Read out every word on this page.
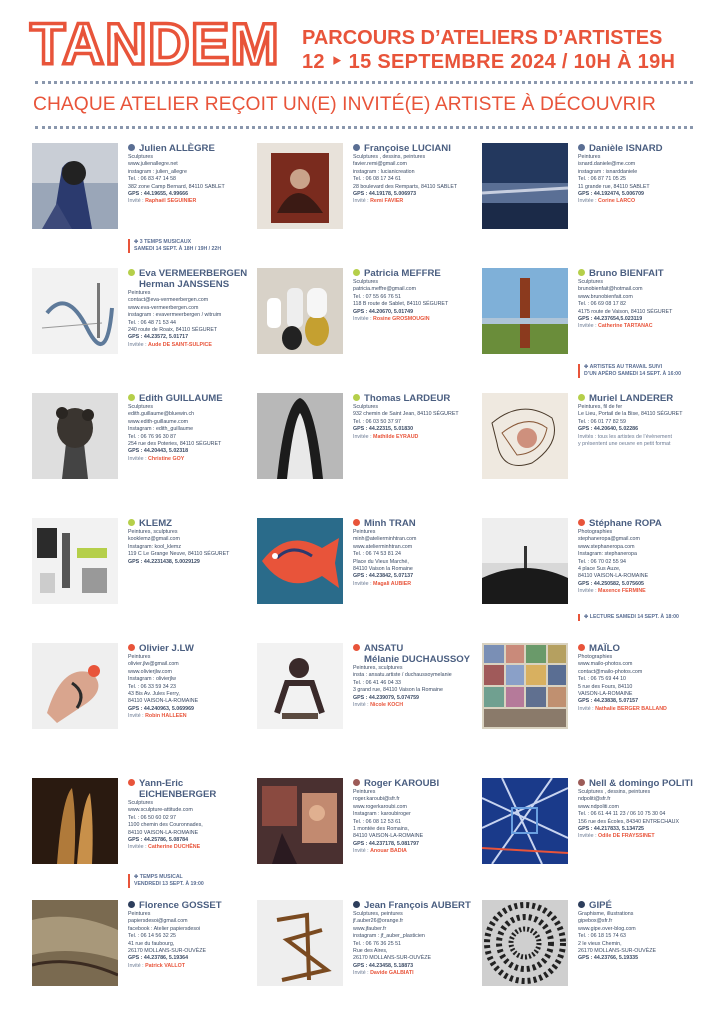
TANDEM PARCOURS D’ATELIERS D’ARTISTES
12 ‣ 15 SEPTEMBRE 2024 / 10H À 19H
CHAQUE ATELIER REÇOIT UN(E) INVITÉ(E) ARTISTE À DÉCOUVRIR
Julien ALLÈGRE
Sculptures
www.julienallegre.net
instagram : julien_allegre
Tel. : 06 83 47 14 58
382 zone Camp Bernard, 84110 SABLET
GPS : 44.19655, 4.99666
Invité : Raphaël SEGUINIER
✤ 3 TEMPS MUSICAUX
SAMEDI 14 SEPT. À 18H / 19H / 22H
Françoise LUCIANI
Sculptures , dessins, peintures
favier.remi@gmail.com
instagram : lucianicreation
Tel. : 06 08 17 34 61
28 boulevard des Remparts, 84110 SABLET
GPS : 44.19178, 5.006973
Invité : Remi FAVIER
Danièle ISNARD
Peintures
isnard.daniele@me.com
instagram : isnarddaniele
Tel. : 06 87 71 05 25
11 grande rue, 84110 SABLET
GPS : 44.192474, 5.006709
Invitée : Corine LARCO
Eva VERMEERBERGEN
Herman JANSSENS
Peintures
contact@eva-vermeerbergen.com
www.eva-vermeerbergen.com
instagram : evavermeerbergen / witruim
Tel. : 06 48 71 53 44
240 route de Roaix, 84110 SÉGURET
GPS : 44.23572, 5.01717
Invitée : Aude DE SAINT-SULPICE
Patricia MEFFRE
Sculptures
patricia.meffre@gmail.com
Tel. : 07 55 66 76 51
118 B route de Sablet, 84110 SÉGURET
GPS : 44.20670, 5.01749
Invitée : Rosine GROSMOUGIN
Bruno BIENFAIT
Sculptures
brunobienfait@hotmail.com
www.brunobienfait.com
Tel. : 06 69 08 17 82
4175 route de Vaison, 84110 SÉGURET
GPS : 44.237654,5.023119
Invitée : Catherine TARTANAC
✤ ARTISTES AU TRAVAIL SUIVI
D’UN APÉRO SAMEDI 14 SEPT. À 16:00
Edith GUILLAUME
Sculptures
edith.guillaume@bluewin.ch
www.edith-guillaume.com
Instagram : edith_guillaume
Tel. : 06 76 96 30 87
254 rue des Poteries, 84110 SÉGURET
GPS : 44.20443, 5.02318
Invitée : Christine GOY
Thomas LARDEUR
Sculptures
932 chemin de Saint Jean, 84110 SÉGURET
Tel. : 06 03 50 37 97
GPS : 44.22315, 5.01830
Invitée : Mathilde EYRAUD
Muriel LANDERER
Peintures, fil de fer
Le Lieu, Portail de la Bise, 84110 SÉGURET
Tel. : 06 01 77 82 59
GPS : 44.20640, 5.02286
Invités : tous les artistes de l’évènement
y présentent une oeuvre en petit format
KLEMZ
Peintures, sculptures
kooklemz@gmail.com
Instagram: kool_klemz
119 C Le Grange Neuve, 84110 SÉGURET
GPS : 44.2231438, 5.0029129
Minh TRAN
Peintures
minh@atelierminhtran.com
www.atelierminhtran.com
Tel. : 06 74 53 81 24
Place du Vieux Marché,
84110 Vaison la Romaine
GPS : 44.23842, 5.07137
Invitée : Magali AUBIER
Stéphane ROPA
Photographies
stephaneropa@gmail.com
www.stephaneropa.com
Instagram: stephaneropa
Tel. : 06 70 02 55 94
4 place Sus Auze,
84110 VAISON-LA-ROMAINE
GPS : 44.250582, 5.075605
Invitée : Maxence FERMINE
✤ LECTURE SAMEDI 14 SEPT. À 18:00
Olivier J.LW
Peintures
olivier.jlw@gmail.com
www.olivierjlw.com
Instagram : olivierjlw
Tel. : 06 33 59 34 23
43 Bis Av. Jules Ferry,
84110 VAISON-LA-ROMAINE
GPS : 44.240963, 5.069969
Invité : Robin HALLEEN
ANSATU
Mélanie DUCHAUSSOY
Peintures, sculptures
insta : ansatu.artiste / duchaussoymelanie
Tel. : 06 41 46 04 33
3 grand rue, 84110 Vaison la Romaine
GPS : 44.239079, 5.074759
Invité : Nicole KOCH
MAÏLO
Photographies
www.mailo-photos.com
contact@mailo-photos.com
Tel. : 06 75 69 44 10
5 rue des Fours, 84110
VAISON-LA-ROMAINE
GPS : 44.23838, 5.07157
Invité : Nathalie BERGER BALLAND
Yann-Eric
EICHENBERGER
Sculptures
www.sculpture-attitude.com
Tel. : 06 50 60 02 97
1100 chemin des Couronnades,
84110 VAISON-LA-ROMAINE
GPS : 44.25786, 5.08784
Invitée : Catherine DUCHÊNE
✤ TEMPS MUSICAL
VENDREDI 13 SEPT. À 19:00
Roger KAROUBI
Peintures
roger.karoubi@sfr.fr
www.rogerkaroubi.com
Instagram : karoubiroger
Tel. : 06 08 12 53 61
1 montée des Romains,
84110 VAISON-LA-ROMAINE
GPS : 44.237178, 5.081797
Invité : Anouar BADIA
Nell & domingo POLITI
Sculptures , dessins, peintures
ndpoliti@sfr.fr
www.ndpoliti.com
Tel. : 06 61 44 11 23 / 06 10 75 30 04
156 rue des Écoles, 84340 ENTRECHAUX
GPS : 44.217833, 5.134725
Invitée : Odile DE FRAYSSINET
Florence GOSSET
Peintures
papiersdesoi@gmail.com
facebook : Atelier papiersdesoi
Tel. : 06 14 56 32 25
41 rue du faubourg,
26170 MOLLANS-SUR-OUVÈZE
GPS : 44.23786, 5.19364
Invité : Patrick VALLOT
Jean François AUBERT
Sculptures, peintures
jf.auber26@orange.fr
www.jfauber.fr
instagram : jf_auber_plasticien
Tel. : 06 76 36 25 51
Rue des Aires,
26170 MOLLANS-SUR-OUVÈZE
GPS : 44.23458, 5.18873
Invité : Davide GALBIATI
GIPÉ
Graphisme, illustrations
gipebox@sfr.fr
www.gipe.over-blog.com
Tel. : 06 18 15 74 63
2 le vieux Chemin,
26170 MOLLANS-SUR-OUVÈZE
GPS : 44.23766, 5.19335
